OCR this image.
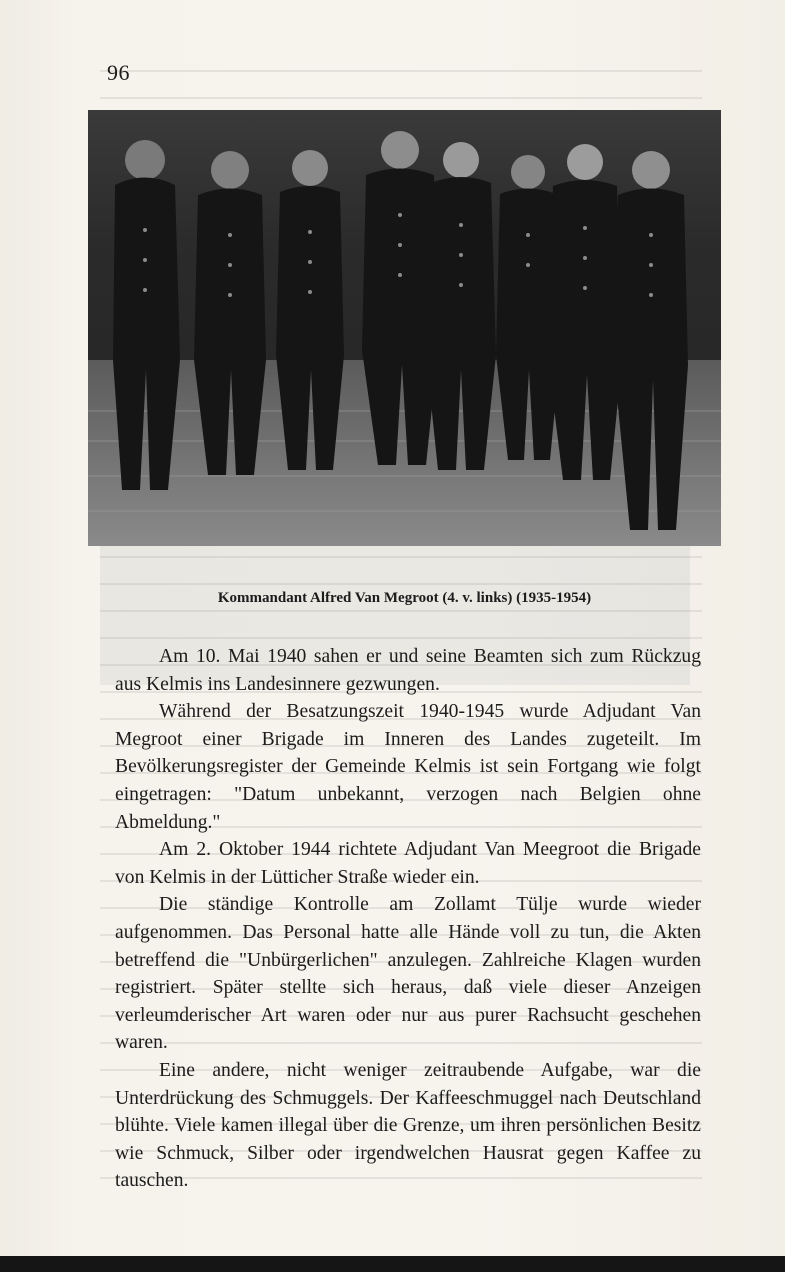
96
Kommandant Alfred Van Megroot (4. v. links) (1935-1954)

Am 10. Mai 1940 sahen er und seine Beamten sich zum Rückzug aus Kelmis ins Landesinnere gezwungen.

Während der Besatzungszeit 1940-1945 wurde Adjudant Van Megroot einer Brigade im Inneren des Landes zugeteilt. Im Bevölkerungsregister der Gemeinde Kelmis ist sein Fortgang wie folgt eingetragen: "Datum unbekannt, verzogen nach Belgien ohne Abmeldung."

Am 2. Oktober 1944 richtete Adjudant Van Meegroot die Brigade von Kelmis in der Lütticher Straße wieder ein.

Die ständige Kontrolle am Zollamt Tülje wurde wieder aufgenommen. Das Personal hatte alle Hände voll zu tun, die Akten betreffend die "Unbürgerlichen" anzulegen. Zahlreiche Klagen wurden registriert. Später stellte sich heraus, daß viele dieser Anzeigen verleumderischer Art waren oder nur aus purer Rachsucht geschehen waren.

Eine andere, nicht weniger zeitraubende Aufgabe, war die Unterdrückung des Schmuggels. Der Kaffeeschmuggel nach Deutschland blühte. Viele kamen illegal über die Grenze, um ihren persönlichen Besitz wie Schmuck, Silber oder irgendwelchen Hausrat gegen Kaffee zu tauschen.
